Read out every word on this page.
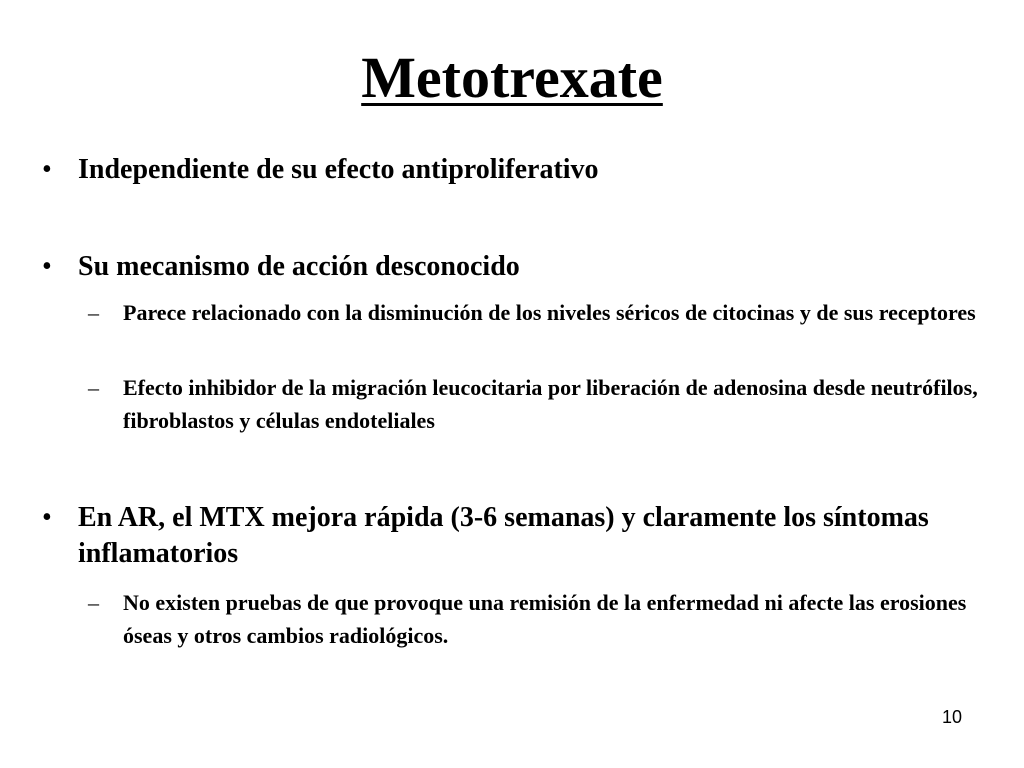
Metotrexate
• Independiente de su efecto antiproliferativo
• Su mecanismo de acción desconocido
–	Parece relacionado con la disminución de los niveles séricos de citocinas y de sus receptores
–	Efecto inhibidor de la migración leucocitaria por liberación de adenosina desde neutrófilos, fibroblastos y células endoteliales
• En AR, el MTX mejora rápida (3-6 semanas) y claramente los síntomas inflamatorios
–	No existen pruebas de que provoque una remisión de la enfermedad ni afecte las erosiones óseas y otros cambios radiológicos.
10
